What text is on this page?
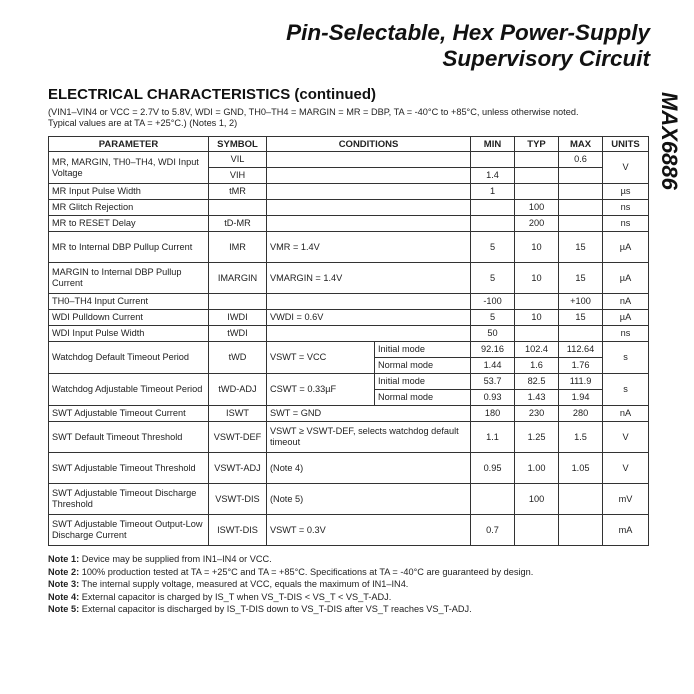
Pin-Selectable, Hex Power-Supply
Supervisory Circuit
MAX6886
ELECTRICAL CHARACTERISTICS (continued)
(VIN1–VIN4 or VCC = 2.7V to 5.8V, WDI = GND, TH0–TH4 = MARGIN = MR = DBP, TA = -40°C to +85°C, unless otherwise noted.
Typical values are at TA = +25°C.) (Notes 1, 2)
PARAMETER	SYMBOL	CONDITIONS		MIN	TYP	MAX	UNITS
MR, MARGIN, TH0–TH4, WDI Input Voltage	VIL					0.6	V
	VIH			1.4			
MR Input Pulse Width	tMR			1			µs
MR Glitch Rejection					100		ns
MR to RESET Delay	tD-MR				200		ns
MR to Internal DBP Pullup Current	IMR	VMR = 1.4V		5	10	15	µA
MARGIN to Internal DBP Pullup Current	IMARGIN	VMARGIN = 1.4V		5	10	15	µA
TH0–TH4 Input Current				-100		+100	nA
WDI Pulldown Current	IWDI	VWDI = 0.6V		5	10	15	µA
WDI Input Pulse Width	tWDI			50			ns
Watchdog Default Timeout Period	tWD	VSWT = VCC	Initial mode	92.16	102.4	112.64	s
			Normal mode	1.44	1.6	1.76	
Watchdog Adjustable Timeout Period	tWD-ADJ	CSWT = 0.33µF	Initial mode	53.7	82.5	111.9	s
			Normal mode	0.93	1.43	1.94	
SWT Adjustable Timeout Current	ISWT	SWT = GND		180	230	280	nA
SWT Default Timeout Threshold	VSWT-DEF	VSWT ≥ VSWT-DEF, selects watchdog default timeout		1.1	1.25	1.5	V
SWT Adjustable Timeout Threshold	VSWT-ADJ	(Note 4)		0.95	1.00	1.05	V
SWT Adjustable Timeout Discharge Threshold	VSWT-DIS	(Note 5)			100		mV
SWT Adjustable Timeout Output-Low Discharge Current	ISWT-DIS	VSWT = 0.3V		0.7			mA
Note 1: Device may be supplied from IN1–IN4 or VCC.
Note 2: 100% production tested at TA = +25°C and TA = +85°C. Specifications at TA = -40°C are guaranteed by design.
Note 3: The internal supply voltage, measured at VCC, equals the maximum of IN1–IN4.
Note 4: External capacitor is charged by IS_T when VS_T-DIS < VS_T < VS_T-ADJ.
Note 5: External capacitor is discharged by IS_T-DIS down to VS_T-DIS after VS_T reaches VS_T-ADJ.
